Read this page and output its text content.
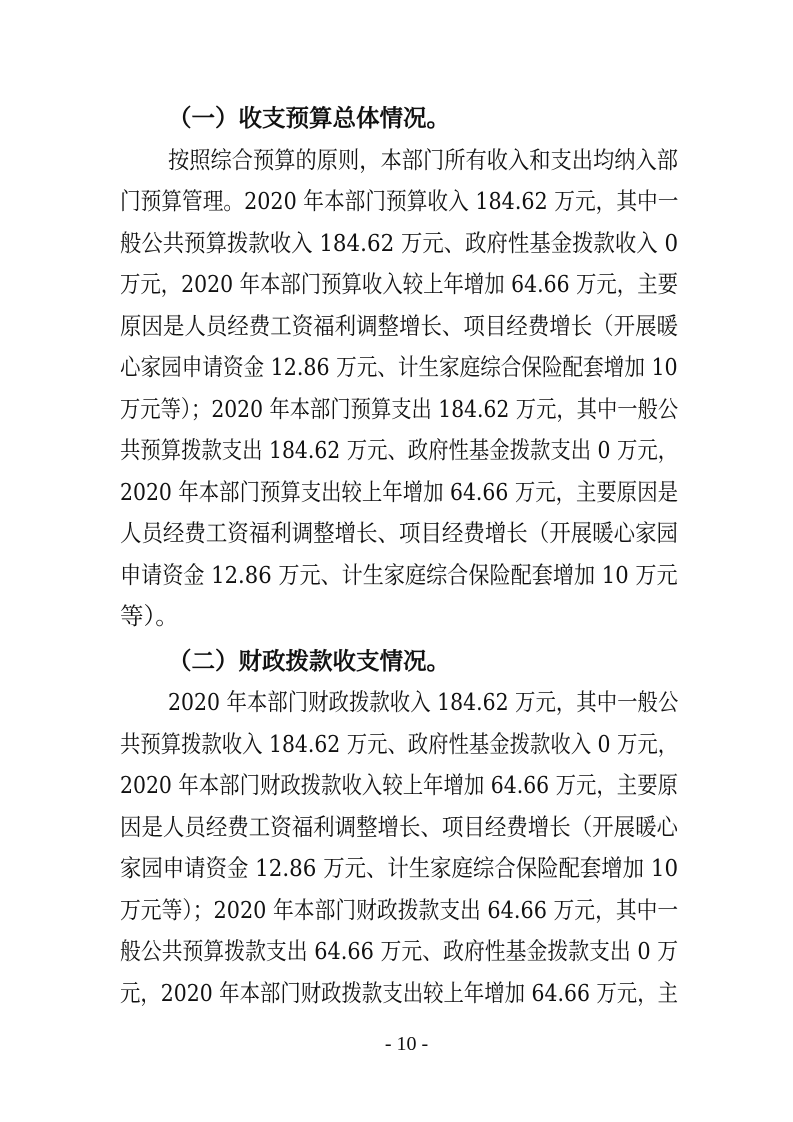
（一）收支预算总体情况。
按照综合预算的原则，本部门所有收入和支出均纳入部
门预算管理。2020 年本部门预算收入 184.62 万元，其中一
般公共预算拨款收入 184.62 万元、政府性基金拨款收入 0
万元，2020 年本部门预算收入较上年增加 64.66 万元，主要
原因是人员经费工资福利调整增长、项目经费增长（开展暖
心家园申请资金 12.86 万元、计生家庭综合保险配套增加 10
万元等）；2020 年本部门预算支出 184.62 万元，其中一般公
共预算拨款支出 184.62 万元、政府性基金拨款支出 0 万元，
2020 年本部门预算支出较上年增加 64.66 万元，主要原因是
人员经费工资福利调整增长、项目经费增长（开展暖心家园
申请资金 12.86 万元、计生家庭综合保险配套增加 10 万元
等）。
（二）财政拨款收支情况。
2020 年本部门财政拨款收入 184.62 万元，其中一般公
共预算拨款收入 184.62 万元、政府性基金拨款收入 0 万元，
2020 年本部门财政拨款收入较上年增加 64.66 万元，主要原
因是人员经费工资福利调整增长、项目经费增长（开展暖心
家园申请资金 12.86 万元、计生家庭综合保险配套增加 10
万元等）；2020 年本部门财政拨款支出 64.66 万元，其中一
般公共预算拨款支出 64.66 万元、政府性基金拨款支出 0 万
元，2020 年本部门财政拨款支出较上年增加 64.66 万元，主
- 10 -
